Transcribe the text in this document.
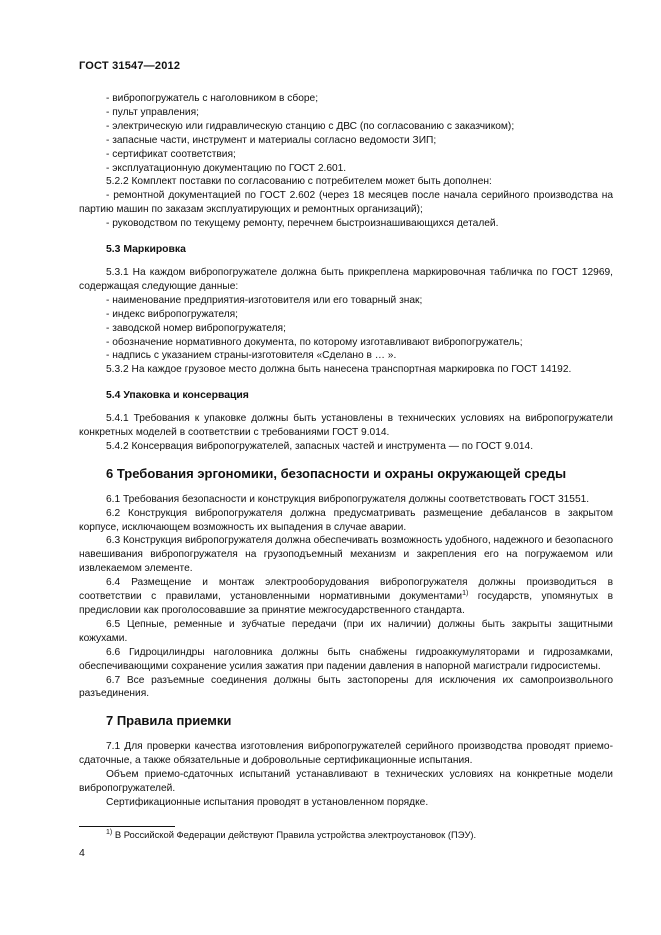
ГОСТ 31547—2012
- вибропогружатель с наголовником в сборе;
- пульт управления;
- электрическую или гидравлическую станцию с ДВС (по согласованию с заказчиком);
- запасные части, инструмент и материалы согласно ведомости ЗИП;
- сертификат соответствия;
- эксплуатационную документацию по ГОСТ 2.601.
5.2.2 Комплект поставки по согласованию с потребителем может быть дополнен:
- ремонтной документацией по ГОСТ 2.602 (через 18 месяцев после начала серийного производства на партию машин по заказам эксплуатирующих и ремонтных организаций);
- руководством по текущему ремонту, перечнем быстроизнашивающихся деталей.
5.3 Маркировка
5.3.1 На каждом вибропогружателе должна быть прикреплена маркировочная табличка по ГОСТ 12969, содержащая следующие данные:
- наименование предприятия-изготовителя или его товарный знак;
- индекс вибропогружателя;
- заводской номер вибропогружателя;
- обозначение нормативного документа, по которому изготавливают вибропогружатель;
- надпись с указанием страны-изготовителя «Сделано в … ».
5.3.2 На каждое грузовое место должна быть нанесена транспортная маркировка по ГОСТ 14192.
5.4 Упаковка и консервация
5.4.1 Требования к упаковке должны быть установлены в технических условиях на вибропогружатели конкретных моделей в соответствии с требованиями ГОСТ 9.014.
5.4.2 Консервация вибропогружателей, запасных частей и инструмента — по ГОСТ 9.014.
6 Требования эргономики, безопасности и охраны окружающей среды
6.1 Требования безопасности и конструкция вибропогружателя должны соответствовать ГОСТ 31551.
6.2 Конструкция вибропогружателя должна предусматривать размещение дебалансов в закрытом корпусе, исключающем возможность их выпадения в случае аварии.
6.3 Конструкция вибропогружателя должна обеспечивать возможность удобного, надежного и безопасного навешивания вибропогружателя на грузоподъемный механизм и закрепления его на погружаемом или извлекаемом элементе.
6.4 Размещение и монтаж электрооборудования вибропогружателя должны производиться в соответствии с правилами, установленными нормативными документами$^{1)}$ государств, упомянутых в предисловии как проголосовавшие за принятие межгосударственного стандарта.
6.5 Цепные, ременные и зубчатые передачи (при их наличии) должны быть закрыты защитными кожухами.
6.6 Гидроцилиндры наголовника должны быть снабжены гидроаккумуляторами и гидрозамками, обеспечивающими сохранение усилия зажатия при падении давления в напорной магистрали гидросистемы.
6.7 Все разъемные соединения должны быть застопорены для исключения их самопроизвольного разъединения.
7 Правила приемки
7.1 Для проверки качества изготовления вибропогружателей серийного производства проводят приемо-сдаточные, а также обязательные и добровольные сертификационные испытания.
Объем приемо-сдаточных испытаний устанавливают в технических условиях на конкретные модели вибропогружателей.
Сертификационные испытания проводят в установленном порядке.
$^{1)}$ В Российской Федерации действуют Правила устройства электроустановок (ПЭУ).
4
